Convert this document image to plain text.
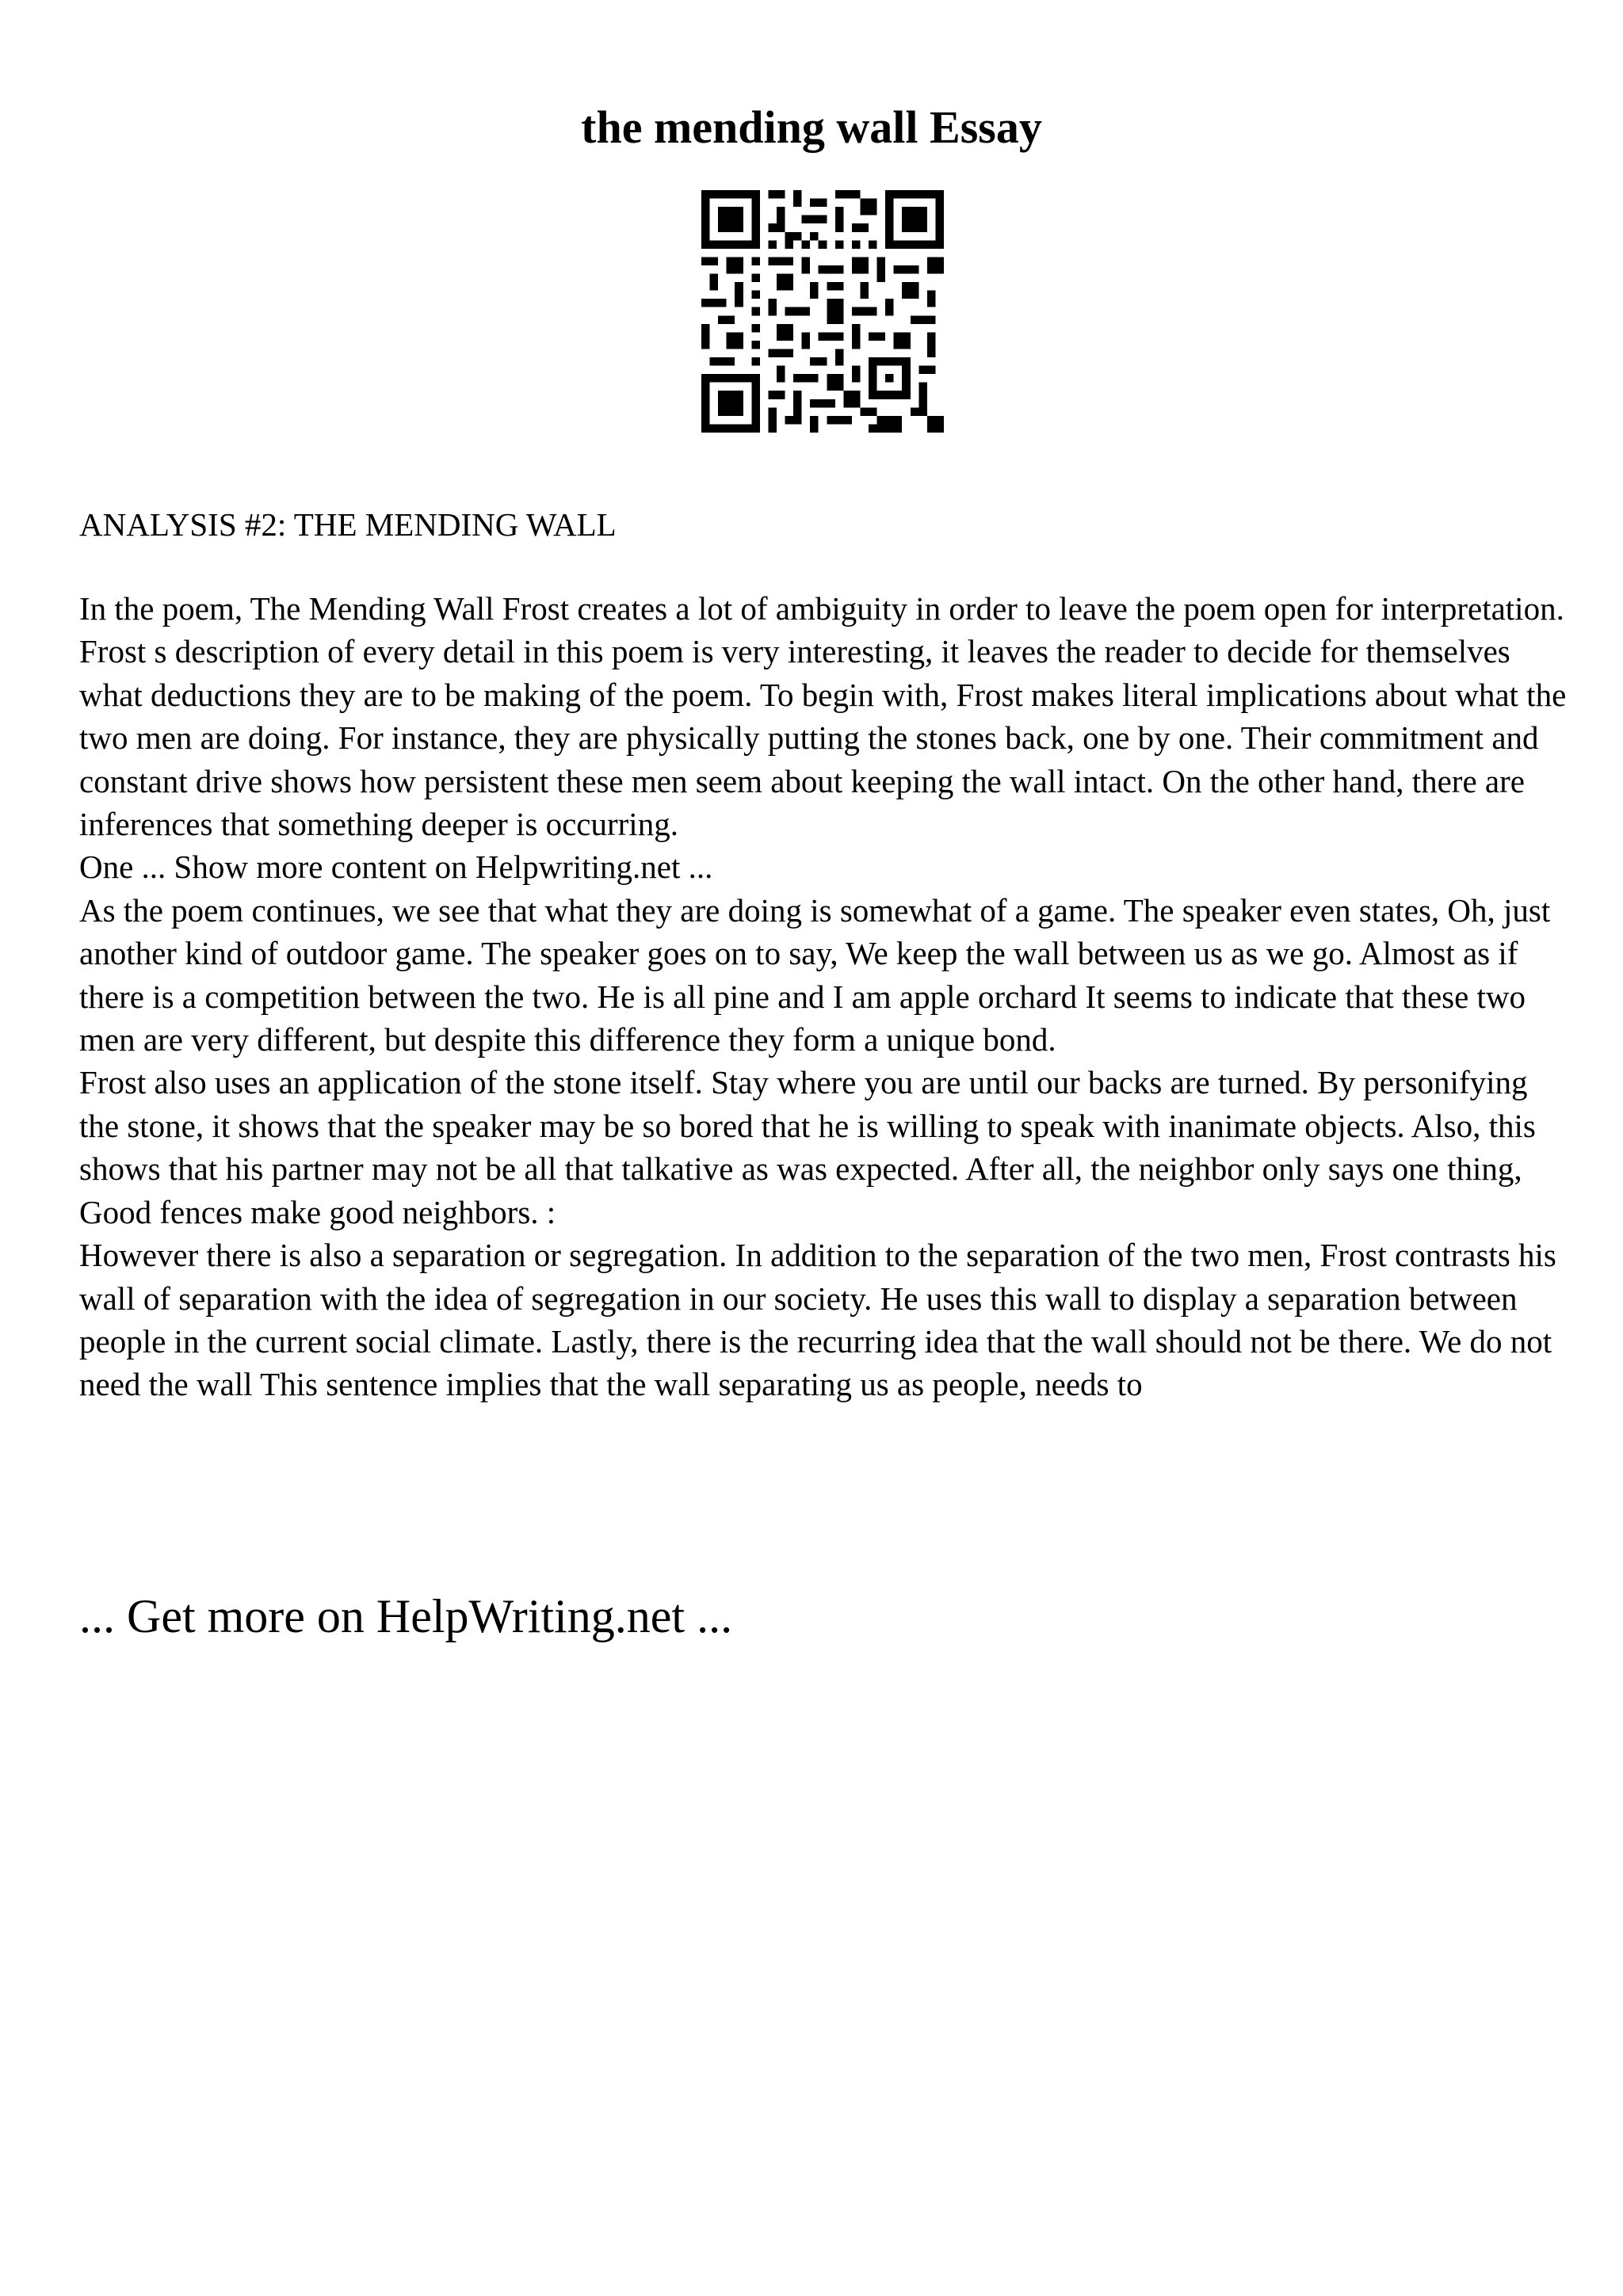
the mending wall Essay

ANALYSIS #2: THE MENDING WALL

In the poem, The Mending Wall Frost creates a lot of ambiguity in order to leave the poem open for interpretation. Frost s description of every detail in this poem is very interesting, it leaves the reader to decide for themselves what deductions they are to be making of the poem. To begin with, Frost makes literal implications about what the two men are doing. For instance, they are physically putting the stones back, one by one. Their commitment and constant drive shows how persistent these men seem about keeping the wall intact. On the other hand, there are inferences that something deeper is occurring.

One ... Show more content on Helpwriting.net ...

As the poem continues, we see that what they are doing is somewhat of a game. The speaker even states, Oh, just another kind of outdoor game. The speaker goes on to say, We keep the wall between us as we go. Almost as if there is a competition between the two. He is all pine and I am apple orchard It seems to indicate that these two men are very different, but despite this difference they form a unique bond.

Frost also uses an application of the stone itself. Stay where you are until our backs are turned. By personifying the stone, it shows that the speaker may be so bored that he is willing to speak with inanimate objects. Also, this shows that his partner may not be all that talkative as was expected. After all, the neighbor only says one thing, Good fences make good neighbors. :

However there is also a separation or segregation. In addition to the separation of the two men, Frost contrasts his wall of separation with the idea of segregation in our society. He uses this wall to display a separation between people in the current social climate. Lastly, there is the recurring idea that the wall should not be there. We do not need the wall This sentence implies that the wall separating us as people, needs to

... Get more on HelpWriting.net ...
